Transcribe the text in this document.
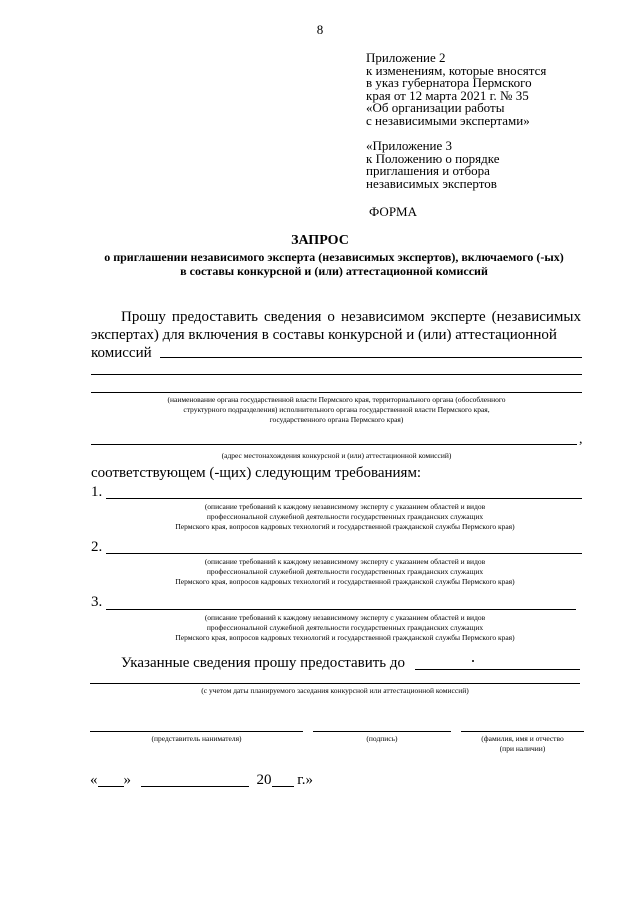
8
Приложение 2
к изменениям, которые вносятся
в указ губернатора Пермского
края от 12 марта 2021 г. № 35
«Об организации работы
с независимыми экспертами»
«Приложение 3
к Положению о порядке
приглашения и отбора
независимых экспертов
ФОРМА
ЗАПРОС
о приглашении независимого эксперта (независимых экспертов), включаемого (-ых) в составы конкурсной и (или) аттестационной комиссий
Прошу предоставить сведения о независимом эксперте (независимых экспертах) для включения в составы конкурсной и (или) аттестационной
комиссий
(наименование органа государственной власти Пермского края, территориального органа (обособленного
структурного подразделения) исполнительного органа государственной власти Пермского края,
государственного органа Пермского края)
,
(адрес местонахождения конкурсной и (или) аттестационной комиссий)
соответствующем (-щих) следующим требованиям:
1.
(описание требований к каждому независимому эксперту с указанием областей и видов
профессиональной служебной деятельности государственных гражданских служащих
Пермского края, вопросов кадровых технологий и государственной гражданской службы Пермского края)
2.
(описание требований к каждому независимому эксперту с указанием областей и видов
профессиональной служебной деятельности государственных гражданских служащих
Пермского края, вопросов кадровых технологий и государственной гражданской службы Пермского края)
3.
(описание требований к каждому независимому эксперту с указанием областей и видов
профессиональной служебной деятельности государственных гражданских служащих
Пермского края, вопросов кадровых технологий и государственной гражданской службы Пермского края)
Указанные сведения прошу предоставить до
(с учетом даты планируемого заседания конкурсной или аттестационной комиссий)
(представитель нанимателя)	(подпись)	(фамилия, имя и отчество
(при наличии)
« »	20 г.»
